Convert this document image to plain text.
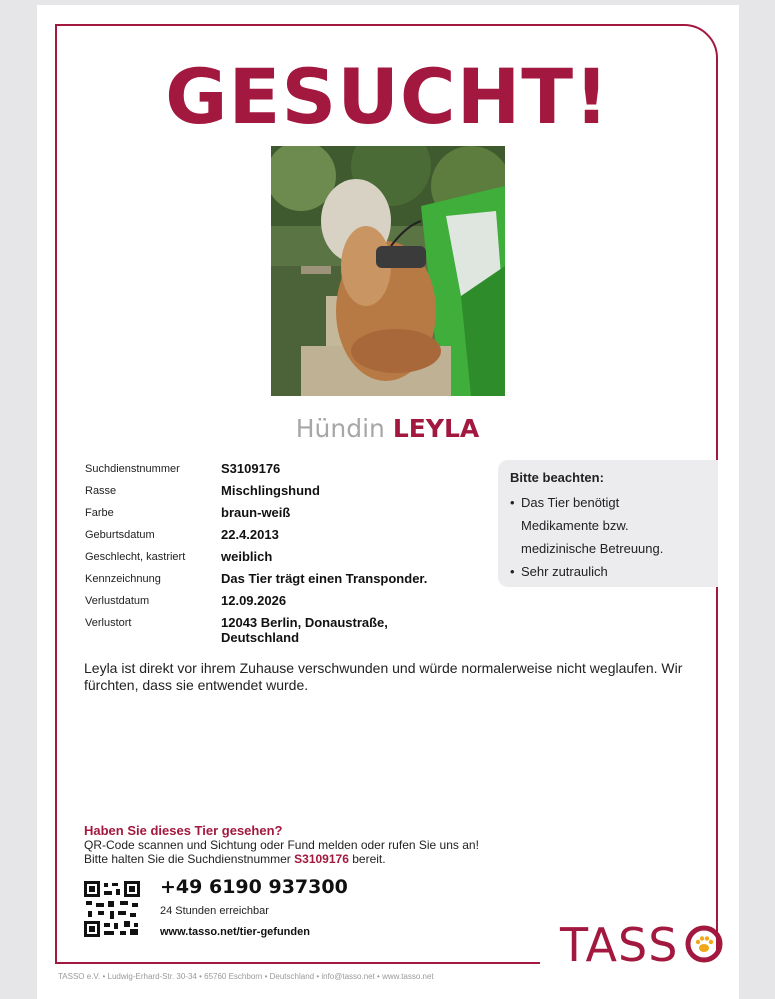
GESUCHT!
Hündin LEYLA
Suchdienstnummer	S3109176
Rasse	Mischlingshund
Farbe	braun-weiß
Geburtsdatum	22.4.2013
Geschlecht, kastriert	weiblich
Kennzeichnung	Das Tier trägt einen Transponder.
Verlustdatum	12.09.2026
Verlustort	12043 Berlin, Donaustraße, Deutschland
Bitte beachten:
• Das Tier benötigt
Medikamente bzw.
medizinische Betreuung.
• Sehr zutraulich
Leyla ist direkt vor ihrem Zuhause verschwunden und würde normalerweise nicht weglaufen. Wir fürchten, dass sie entwendet wurde.
Haben Sie dieses Tier gesehen?
QR-Code scannen und Sichtung oder Fund melden oder rufen Sie uns an!
Bitte halten Sie die Suchdienstnummer S3109176 bereit.
+49 6190 937300
24 Stunden erreichbar
www.tasso.net/tier-gefunden	TASS
TASSO e.V. • Ludwig-Erhard-Str. 30-34 • 65760 Eschborn • Deutschland • info@tasso.net • www.tasso.net
